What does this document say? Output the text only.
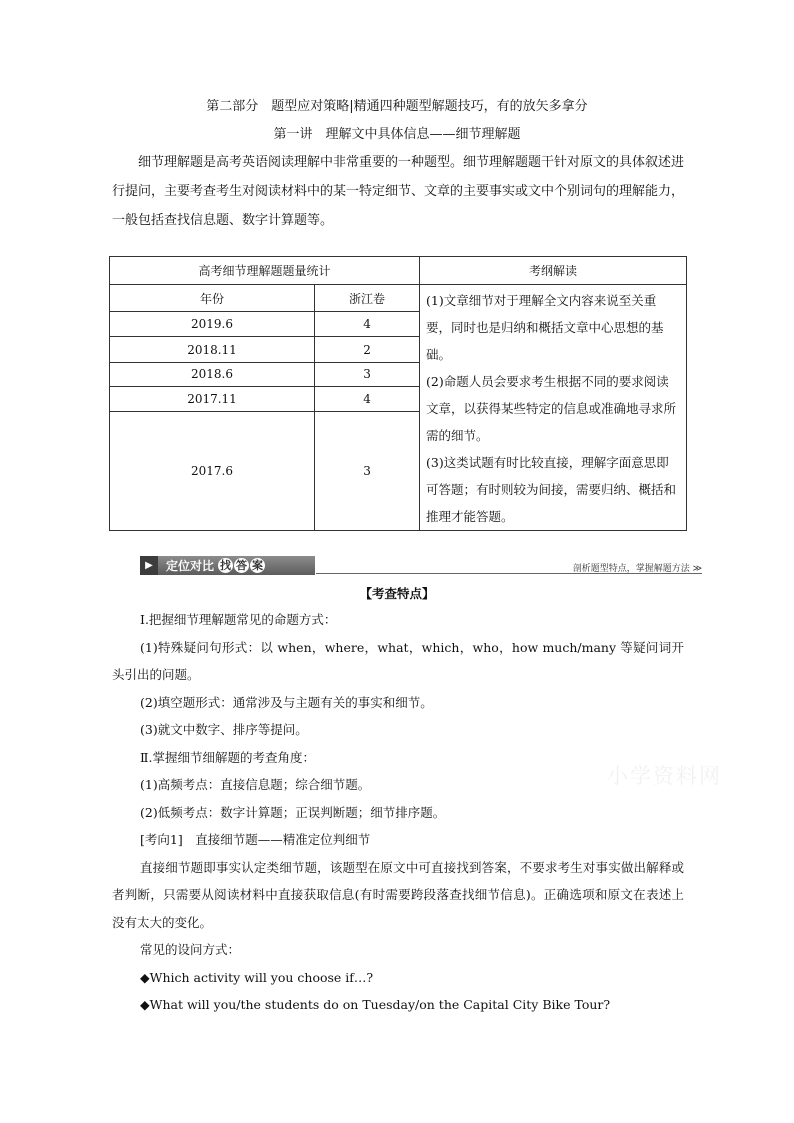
第二部分　题型应对策略|精通四种题型解题技巧，有的放矢多拿分
第一讲　理解文中具体信息——细节理解题
细节理解题是高考英语阅读理解中非常重要的一种题型。细节理解题题干针对原文的具体叙述进行提问，主要考查考生对阅读材料中的某一特定细节、文章的主要事实或文中个别词句的理解能力，一般包括查找信息题、数字计算题等。
高考细节理解题题量统计		考纲解读
年份	浙江卷	(1)文章细节对于理解全文内容来说至关重要，同时也是归纳和概括文章中心思想的基础。
(2)命题人员会要求考生根据不同的要求阅读文章，以获得某些特定的信息或准确地寻求所需的细节。
(3)这类试题有时比较直接，理解字面意思即可答题；有时则较为间接，需要归纳、概括和推理才能答题。

2019.6	4	
2018.11	2	
2018.6	3	
2017.11	4	
2017.6	3	
▶	定位对比 找 答 案	剖析题型特点，掌握解题方法 ≫
【考查特点】
Ⅰ.把握细节理解题常见的命题方式：
(1)特殊疑问句形式：以 when，where，what，which，who，how much/many 等疑问词开头引出的问题。
(2)填空题形式：通常涉及与主题有关的事实和细节。
(3)就文中数字、排序等提问。
Ⅱ.掌握细节细解题的考查角度：
(1)高频考点：直接信息题；综合细节题。
(2)低频考点：数字计算题；正误判断题；细节排序题。
[考向1]　直接细节题——精准定位判细节
直接细节题即事实认定类细节题，该题型在原文中可直接找到答案，不要求考生对事实做出解释或者判断，只需要从阅读材料中直接获取信息(有时需要跨段落查找细节信息)。正确选项和原文在表述上没有太大的变化。
常见的设问方式：
◆Which activity will you choose if…?
◆What will you/the students do on Tuesday/on the Capital City Bike Tour?
小学资料网
